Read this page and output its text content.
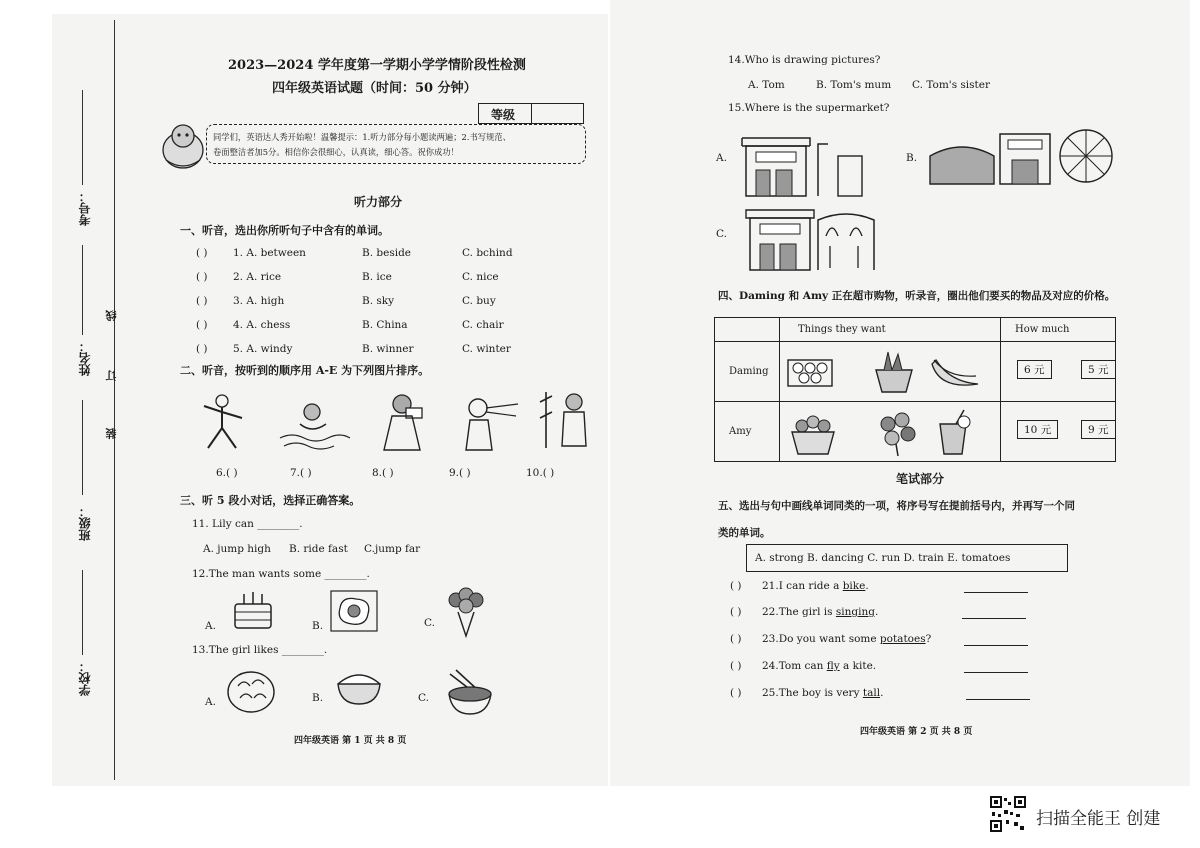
学校：
班级：
姓名：
考号：
装
订
线
2023—2024 学年度第一学期小学学情阶段性检测
四年级英语试题（时间：50 分钟）
等级
同学们，英语达人秀开始啦！温馨提示：1.听力部分每小题读两遍；2.书写规范、
卷面整洁者加5分。相信你会很细心，认真读，细心答。祝你成功！
听力部分
一、听音，选出你所听句子中含有的单词。
( ) 1. A. between	B. beside	C. bchind
( ) 2. A. rice	B. ice	C. nice
( ) 3. A. high	B. sky	C. buy
( ) 4. A. chess	B. China	C. chair
( ) 5. A. windy	B. winner	C. winter
二、听音，按听到的顺序用 A-E 为下列图片排序。
6.( )	7.( )	8.( )	9.( )	10.( )
三、听 5 段小对话，选择正确答案。
11. Lily can ________.
A. jump high B. ride fast C.jump far
12.The man wants some ________.
A.	B.	C.
13.The girl likes ________.
A.	B.	C.
四年级英语 第 1 页 共 8 页
14.Who is drawing pictures?
A. Tom	B. Tom's mum C. Tom's sister
15.Where is the supermarket?
A.	B.
C.
四、Daming 和 Amy 正在超市购物，听录音，圈出他们要买的物品及对应的价格。
	Things they want	How much
Daming		6 元 5 元

Amy		10 元 9 元
笔试部分
五、选出与句中画线单词同类的一项，将序号写在提前括号内，并再写一个同
类的单词。
A. strong B. dancing C. run D. train E. tomatoes
( ) 21.I can ride a bike.
( ) 22.The girl is singing.
( ) 23.Do you want some potatoes?
( ) 24.Tom can fly a kite.
( ) 25.The boy is very tall.
四年级英语 第 2 页 共 8 页
扫描全能王 创建
